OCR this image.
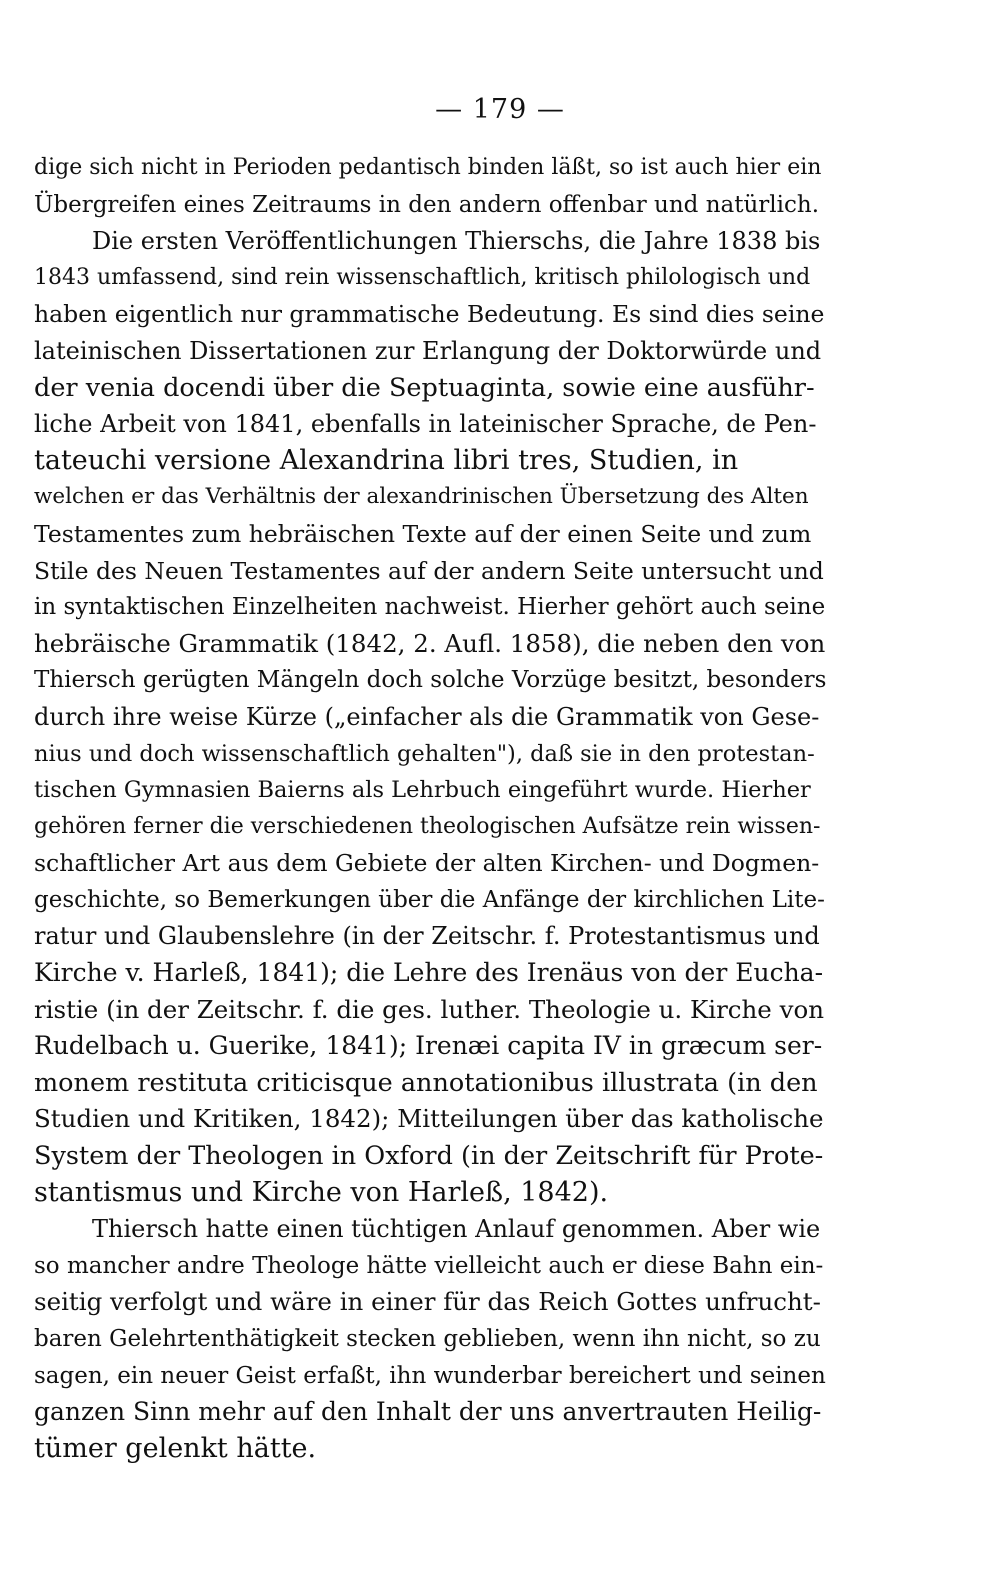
— 179 —
dige sich nicht in Perioden pedantisch binden läßt, so ist auch hier ein
Übergreifen eines Zeitraums in den andern offenbar und natürlich.
Die ersten Veröffentlichungen Thierschs, die Jahre 1838 bis
1843 umfassend, sind rein wissenschaftlich, kritisch philologisch und
haben eigentlich nur grammatische Bedeutung. Es sind dies seine
lateinischen Dissertationen zur Erlangung der Doktorwürde und
der venia docendi über die Septuaginta, sowie eine ausführ-
liche Arbeit von 1841, ebenfalls in lateinischer Sprache, de Pen-
tateuchi versione Alexandrina libri tres, Studien, in
welchen er das Verhältnis der alexandrinischen Übersetzung des Alten
Testamentes zum hebräischen Texte auf der einen Seite und zum
Stile des Neuen Testamentes auf der andern Seite untersucht und
in syntaktischen Einzelheiten nachweist. Hierher gehört auch seine
hebräische Grammatik (1842, 2. Aufl. 1858), die neben den von
Thiersch gerügten Mängeln doch solche Vorzüge besitzt, besonders
durch ihre weise Kürze („einfacher als die Grammatik von Gese-
nius und doch wissenschaftlich gehalten"), daß sie in den protestan-
tischen Gymnasien Baierns als Lehrbuch eingeführt wurde. Hierher
gehören ferner die verschiedenen theologischen Aufsätze rein wissen-
schaftlicher Art aus dem Gebiete der alten Kirchen- und Dogmen-
geschichte, so Bemerkungen über die Anfänge der kirchlichen Lite-
ratur und Glaubenslehre (in der Zeitschr. f. Protestantismus und
Kirche v. Harleß, 1841); die Lehre des Irenäus von der Eucha-
ristie (in der Zeitschr. f. die ges. luther. Theologie u. Kirche von
Rudelbach u. Guerike, 1841); Irenæi capita IV in græcum ser-
monem restituta criticisque annotationibus illustrata (in den
Studien und Kritiken, 1842); Mitteilungen über das katholische
System der Theologen in Oxford (in der Zeitschrift für Prote-
stantismus und Kirche von Harleß, 1842).
Thiersch hatte einen tüchtigen Anlauf genommen. Aber wie
so mancher andre Theologe hätte vielleicht auch er diese Bahn ein-
seitig verfolgt und wäre in einer für das Reich Gottes unfrucht-
baren Gelehrtenthätigkeit stecken geblieben, wenn ihn nicht, so zu
sagen, ein neuer Geist erfaßt, ihn wunderbar bereichert und seinen
ganzen Sinn mehr auf den Inhalt der uns anvertrauten Heilig-
tümer gelenkt hätte.
